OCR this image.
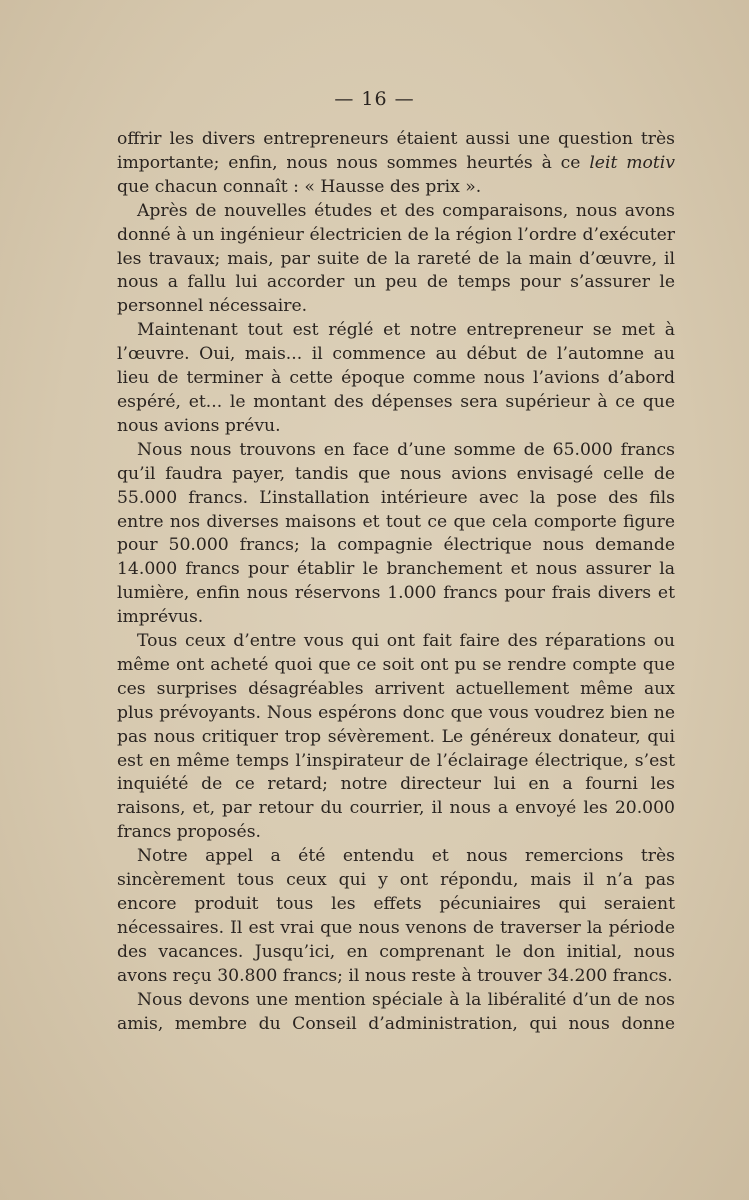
— 16 —

offrir les divers entrepreneurs étaient aussi une question très importante; enfin, nous nous sommes heurtés à ce leit motiv que chacun connaît : « Hausse des prix ».

Après de nouvelles études et des comparaisons, nous avons donné à un ingénieur électricien de la région l’ordre d’exécuter les travaux; mais, par suite de la rareté de la main d’œuvre, il nous a fallu lui accorder un peu de temps pour s’assurer le personnel nécessaire.

Maintenant tout est réglé et notre entrepreneur se met à l’œuvre. Oui, mais... il commence au début de l’automne au lieu de terminer à cette époque comme nous l’avions d’abord espéré, et... le montant des dépenses sera supérieur à ce que nous avions prévu.

Nous nous trouvons en face d’une somme de 65.000 francs qu’il faudra payer, tandis que nous avions envisagé celle de 55.000 francs. L’installation intérieure avec la pose des fils entre nos diverses maisons et tout ce que cela comporte figure pour 50.000 francs; la compagnie électrique nous demande 14.000 francs pour établir le branchement et nous assurer la lumière, enfin nous réservons 1.000 francs pour frais divers et imprévus.

Tous ceux d’entre vous qui ont fait faire des réparations ou même ont acheté quoi que ce soit ont pu se rendre compte que ces surprises désagréables arrivent actuellement même aux plus prévoyants. Nous espérons donc que vous voudrez bien ne pas nous critiquer trop sévèrement. Le généreux donateur, qui est en même temps l’inspirateur de l’éclairage électrique, s’est inquiété de ce retard; notre directeur lui en a fourni les raisons, et, par retour du courrier, il nous a envoyé les 20.000 francs proposés.

Notre appel a été entendu et nous remercions très sincèrement tous ceux qui y ont répondu, mais il n’a pas encore produit tous les effets pécuniaires qui seraient nécessaires. Il est vrai que nous venons de traverser la période des vacances. Jusqu’ici, en comprenant le don initial, nous avons reçu 30.800 francs; il nous reste à trouver 34.200 francs.

Nous devons une mention spéciale à la libéralité d’un de nos amis, membre du Conseil d’administration, qui nous donne
